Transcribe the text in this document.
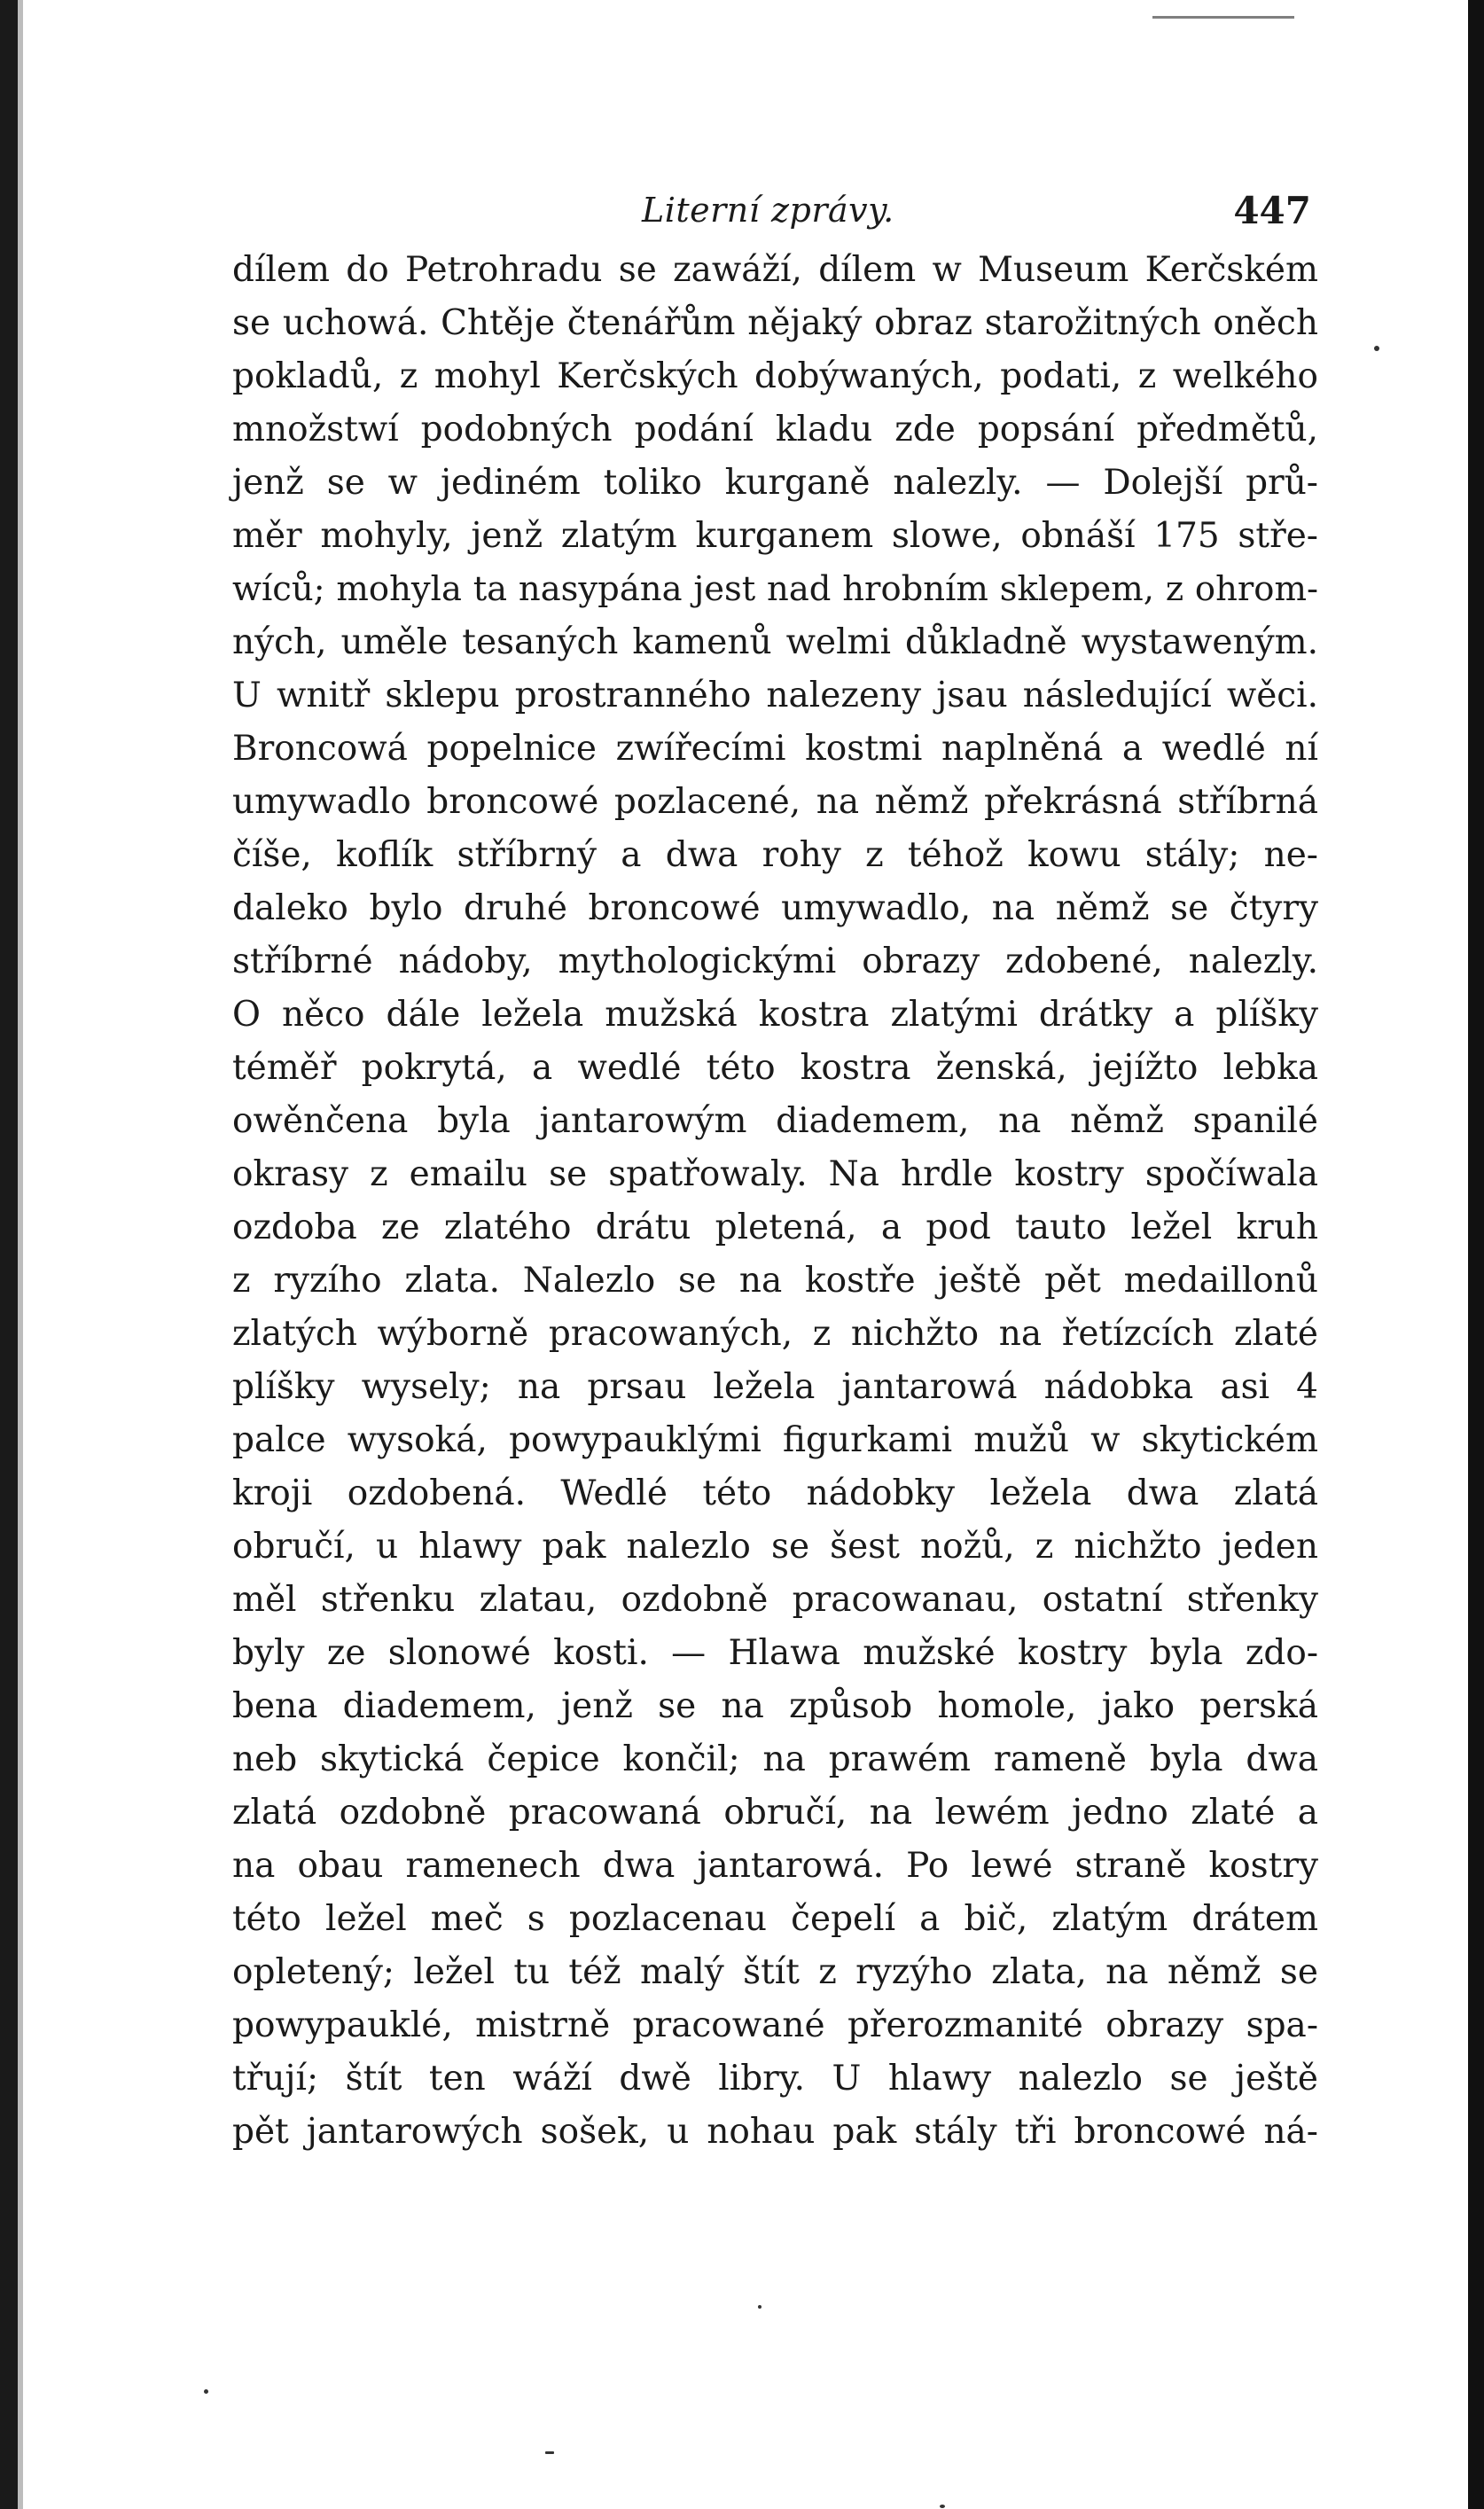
Literní zprávy.	447
dílem do Petrohradu se zawáží, dílem w Museum Kerčském
se uchowá. Chtěje čtenářům nějaký obraz starožitných oněch
pokladů, z mohyl Kerčských dobýwaných, podati, z welkého
množstwí podobných podání kladu zde popsání předmětů,
jenž se w jediném toliko kurganě nalezly. — Dolejší prů-
měr mohyly, jenž zlatým kurganem slowe, obnáší 175 stře-
wíců; mohyla ta nasypána jest nad hrobním sklepem, z ohrom-
ných, uměle tesaných kamenů welmi důkladně wystaweným.
U wnitř sklepu prostranného nalezeny jsau následující wěci.
Broncowá popelnice zwířecími kostmi naplněná a wedlé ní
umywadlo broncowé pozlacené, na němž překrásná stříbrná
číše, koflík stříbrný a dwa rohy z téhož kowu stály; ne-
daleko bylo druhé broncowé umywadlo, na němž se čtyry
stříbrné nádoby, mythologickými obrazy zdobené, nalezly.
O něco dále ležela mužská kostra zlatými drátky a plíšky
téměř pokrytá, a wedlé této kostra ženská, jejížto lebka
owěnčena byla jantarowým diademem, na němž spanilé
okrasy z emailu se spatřowaly. Na hrdle kostry spočíwala
ozdoba ze zlatého drátu pletená, a pod tauto ležel kruh
z ryzího zlata. Nalezlo se na kostře ještě pět medaillonů
zlatých wýborně pracowaných, z nichžto na řetízcích zlaté
plíšky wysely; na prsau ležela jantarowá nádobka asi 4
palce wysoká, powypauklými figurkami mužů w skytickém
kroji ozdobená. Wedlé této nádobky ležela dwa zlatá
obručí, u hlawy pak nalezlo se šest nožů, z nichžto jeden
měl střenku zlatau, ozdobně pracowanau, ostatní střenky
byly ze slonowé kosti. — Hlawa mužské kostry byla zdo-
bena diademem, jenž se na způsob homole, jako perská
neb skytická čepice končil; na prawém rameně byla dwa
zlatá ozdobně pracowaná obručí, na lewém jedno zlaté a
na obau ramenech dwa jantarowá. Po lewé straně kostry
této ležel meč s pozlacenau čepelí a bič, zlatým drátem
opletený; ležel tu též malý štít z ryzýho zlata, na němž se
powypauklé, mistrně pracowané přerozmanité obrazy spa-
třují; štít ten wáží dwě libry. U hlawy nalezlo se ještě
pět jantarowých sošek, u nohau pak stály tři broncowé ná-
